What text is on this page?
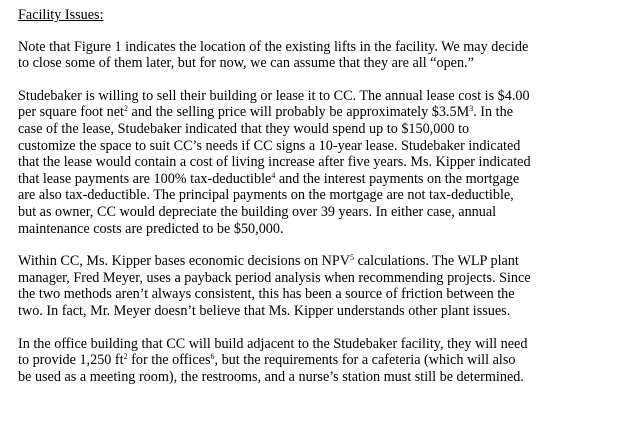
Facility Issues:
Note that Figure 1 indicates the location of the existing lifts in the facility. We may decide
to close some of them later, but for now, we can assume that they are all “open.”
Studebaker is willing to sell their building or lease it to CC. The annual lease cost is $4.00
per square foot net$^2$ and the selling price will probably be approximately $\$3.5M^3$. In the
case of the lease, Studebaker indicated that they would spend up to $150,000 to
customize the space to suit CC’s needs if CC signs a 10-year lease. Studebaker indicated
that the lease would contain a cost of living increase after five years. Ms. Kipper indicated
that lease payments are 100% tax-deductible$^4$ and the interest payments on the mortgage
are also tax-deductible. The principal payments on the mortgage are not tax-deductible,
but as owner, CC would depreciate the building over 39 years. In either case, annual
maintenance costs are predicted to be $50,000.
Within CC, Ms. Kipper bases economic decisions on NPV$^5$ calculations. The WLP plant
manager, Fred Meyer, uses a payback period analysis when recommending projects. Since
the two methods aren’t always consistent, this has been a source of friction between the
two. In fact, Mr. Meyer doesn’t believe that Ms. Kipper understands other plant issues.
In the office building that CC will build adjacent to the Studebaker facility, they will need
to provide 1,250 $ft^2$ for the offices$^6$, but the requirements for a cafeteria (which will also
be used as a meeting room), the restrooms, and a nurse’s station must still be determined.
